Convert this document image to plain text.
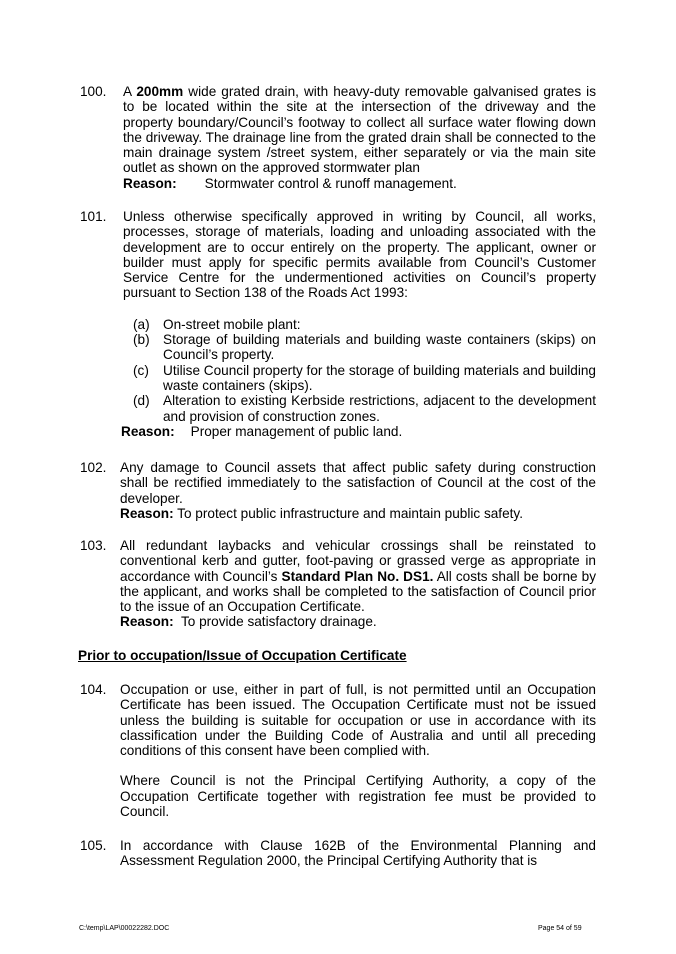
100.	A 200mm wide grated drain, with heavy-duty removable galvanised grates is to be located within the site at the intersection of the driveway and the property boundary/Council’s footway to collect all surface water flowing down the driveway. The drainage line from the grated drain shall be connected to the main drainage system /street system, either separately or via the main site outlet as shown on the approved stormwater plan

Reason: Stormwater control & runoff management.

101.	Unless otherwise specifically approved in writing by Council, all works, processes, storage of materials, loading and unloading associated with the development are to occur entirely on the property. The applicant, owner or builder must apply for specific permits available from Council’s Customer Service Centre for the undermentioned activities on Council’s property pursuant to Section 138 of the Roads Act 1993:

(a) On-street mobile plant:
(b) Storage of building materials and building waste containers (skips) on Council’s property.
(c)	Utilise Council property for the storage of building materials and building waste containers (skips).
(d) Alteration to existing Kerbside restrictions, adjacent to the development and provision of construction zones.

Reason: Proper management of public land.

102. Any damage to Council assets that affect public safety during construction shall be rectified immediately to the satisfaction of Council at the cost of the developer.

Reason: To protect public infrastructure and maintain public safety.

103. All redundant laybacks and vehicular crossings shall be reinstated to conventional kerb and gutter, foot-paving or grassed verge as appropriate in accordance with Council’s Standard Plan No. DS1. All costs shall be borne by the applicant, and works shall be completed to the satisfaction of Council prior to the issue of an Occupation Certificate.

Reason: To provide satisfactory drainage.

Prior to occupation/Issue of Occupation Certificate
104. Occupation or use, either in part of full, is not permitted until an Occupation Certificate has been issued. The Occupation Certificate must not be issued unless the building is suitable for occupation or use in accordance with its classification under the Building Code of Australia and until all preceding conditions of this consent have been complied with.

Where Council is not the Principal Certifying Authority, a copy of the Occupation Certificate together with registration fee must be provided to Council.

105. In accordance with Clause 162B of the Environmental Planning and Assessment Regulation 2000, the Principal Certifying Authority that is

C:\temp\LAP\00022282.DOC	Page 54 of 59
